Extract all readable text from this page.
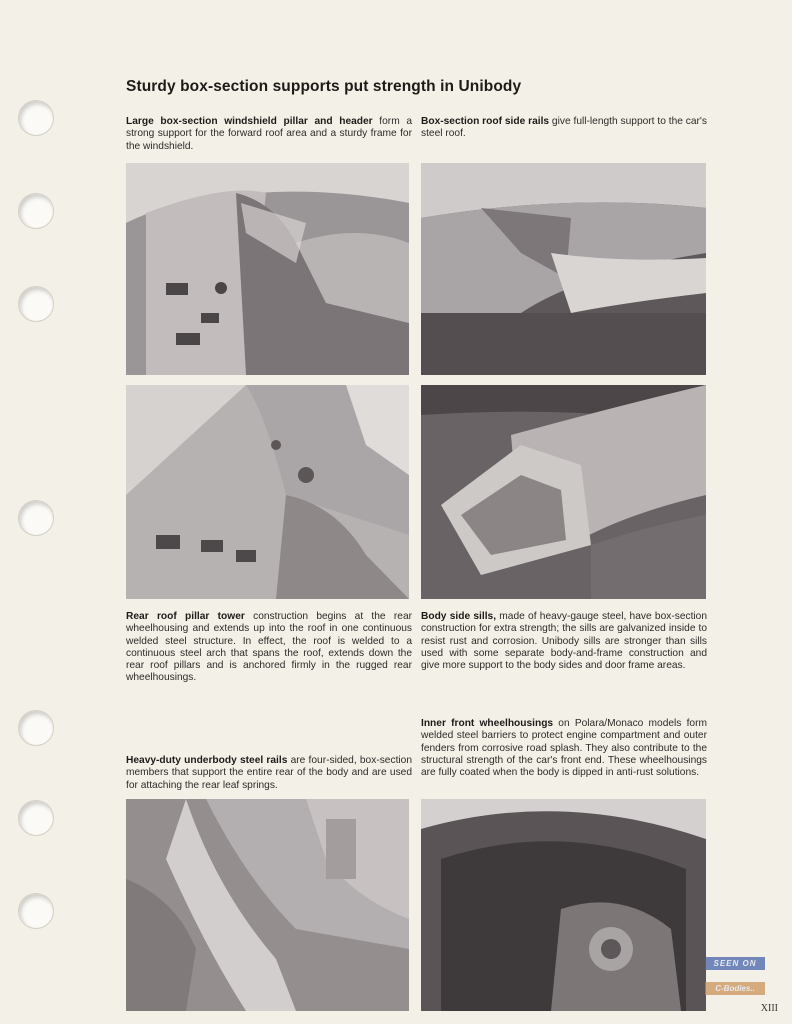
Sturdy box-section supports put strength in Unibody
Large box-section windshield pillar and header form a strong support for the forward roof area and a sturdy frame for the windshield.
Box-section roof side rails give full-length support to the car's steel roof.
Rear roof pillar tower construction begins at the rear wheelhousing and extends up into the roof in one continuous welded steel structure. In effect, the roof is welded to a continuous steel arch that spans the roof, extends down the rear roof pillars and is anchored firmly in the rugged rear wheelhousings.
Body side sills, made of heavy-gauge steel, have box-section construction for extra strength; the sills are galvanized inside to resist rust and corrosion. Unibody sills are stronger than sills used with some separate body-and-frame construction and give more support to the body sides and door frame areas.
Heavy-duty underbody steel rails are four-sided, box-section members that support the entire rear of the body and are used for attaching the rear leaf springs.
Inner front wheelhousings on Polara/Monaco models form welded steel barriers to protect engine compartment and outer fenders from corrosive road splash. They also contribute to the structural strength of the car's front end. These wheelhousings are fully coated when the body is dipped in anti-rust solutions.
SEEN ON
C-Bodies..
XIII
